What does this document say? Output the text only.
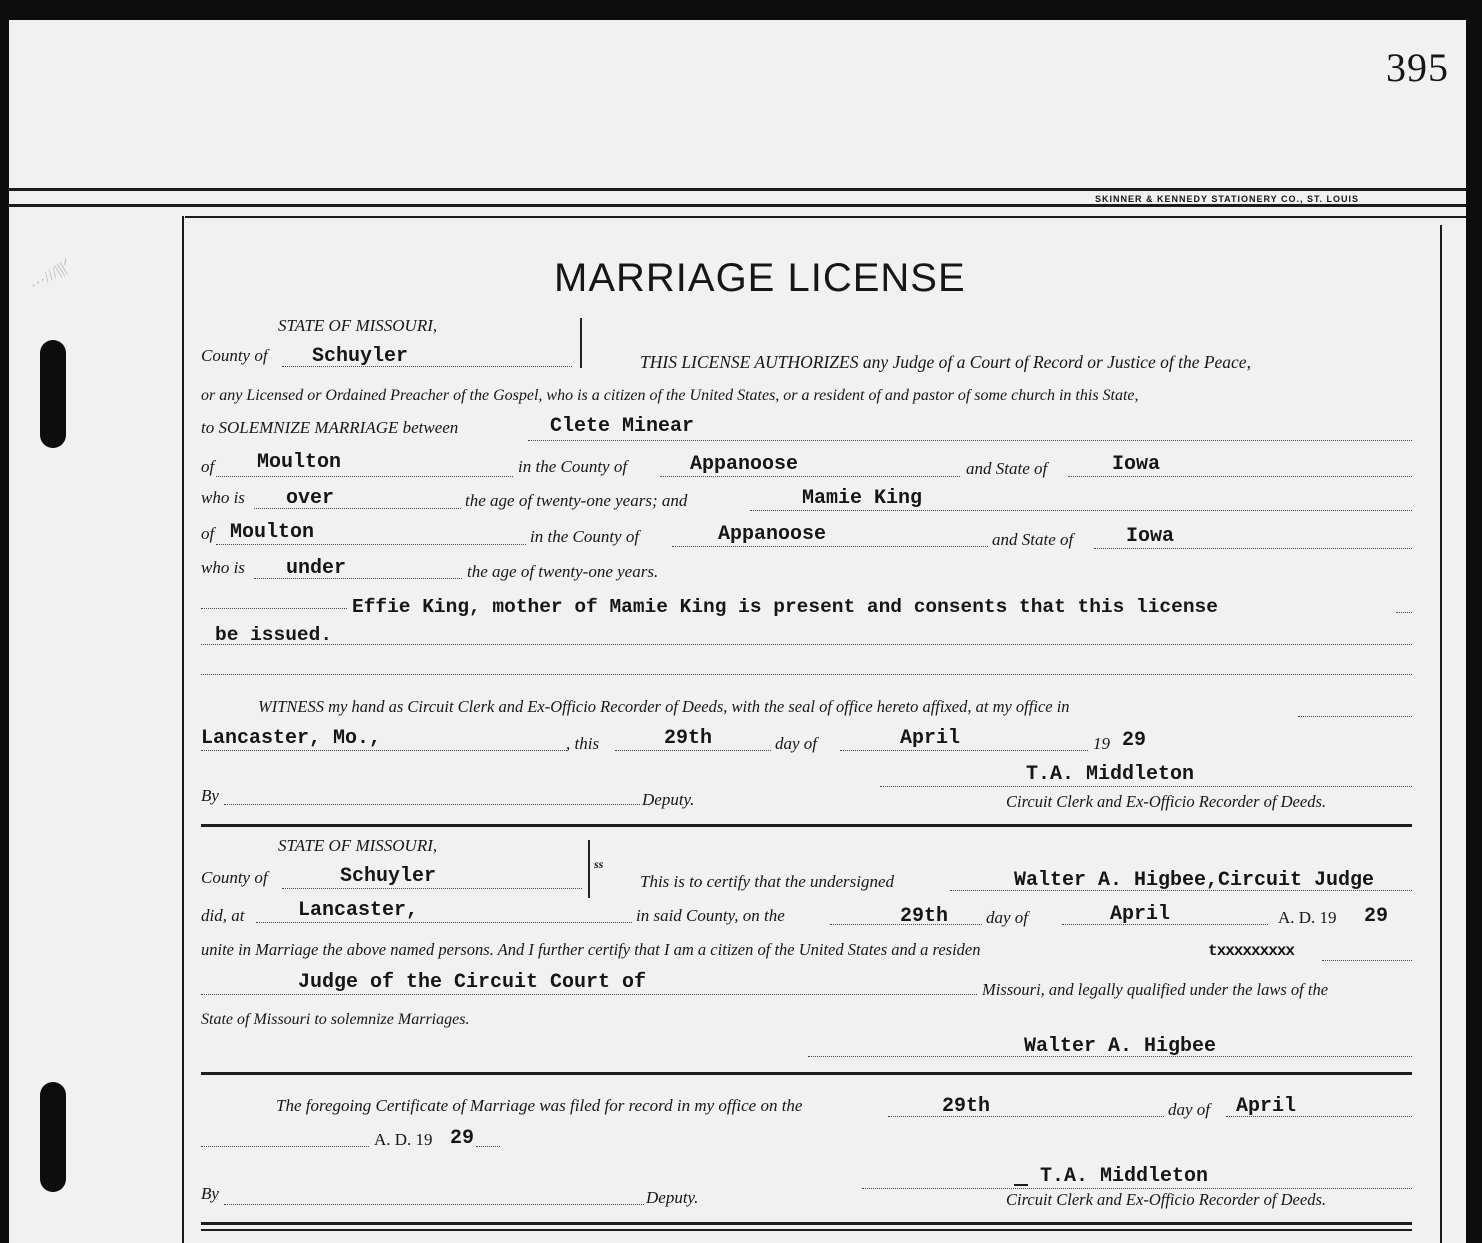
···///|||ᐟ
395
SKINNER & KENNEDY STATIONERY CO., ST. LOUIS
MARRIAGE LICENSE
STATE OF MISSOURI,
County of Schuyler	THIS LICENSE AUTHORIZES any Judge of a Court of Record or Justice of the Peace,
or any Licensed or Ordained Preacher of the Gospel, who is a citizen of the United States, or a resident of and pastor of some church in this State,
to SOLEMNIZE MARRIAGE between	Clete Minear
of Moulton	in the County of	Appanoose	and State of	Iowa
who is over	the age of twenty-one years; and	Mamie King
of Moulton	in the County of	Appanoose	and State of	Iowa
who is under	the age of twenty-one years.
Effie King, mother of Mamie King is present and consents that this license
be issued.
WITNESS my hand as Circuit Clerk and Ex-Officio Recorder of Deeds, with the seal of office hereto affixed, at my office in
Lancaster, Mo.,	, this	29th	day of	April	19 29
T.A. Middleton
By	Deputy.	Circuit Clerk and Ex-Officio Recorder of Deeds.
STATE OF MISSOURI,
ss
County of	Schuyler	This is to certify that the undersigned	Walter A. Higbee,Circuit Judge
did, at	Lancaster,	in said County, on the	29th day of	April	A. D. 19 29
unite in Marriage the above named persons. And I further certify that I am a citizen of the United States and a residen	txxxxxxxxx
Judge of the Circuit Court of	Missouri, and legally qualified under the laws of the
State of Missouri to solemnize Marriages.
Walter A. Higbee
The foregoing Certificate of Marriage was filed for record in my office on the	29th	day of April
A. D. 19 29
T.A. Middleton
By	Deputy.	Circuit Clerk and Ex-Officio Recorder of Deeds.
